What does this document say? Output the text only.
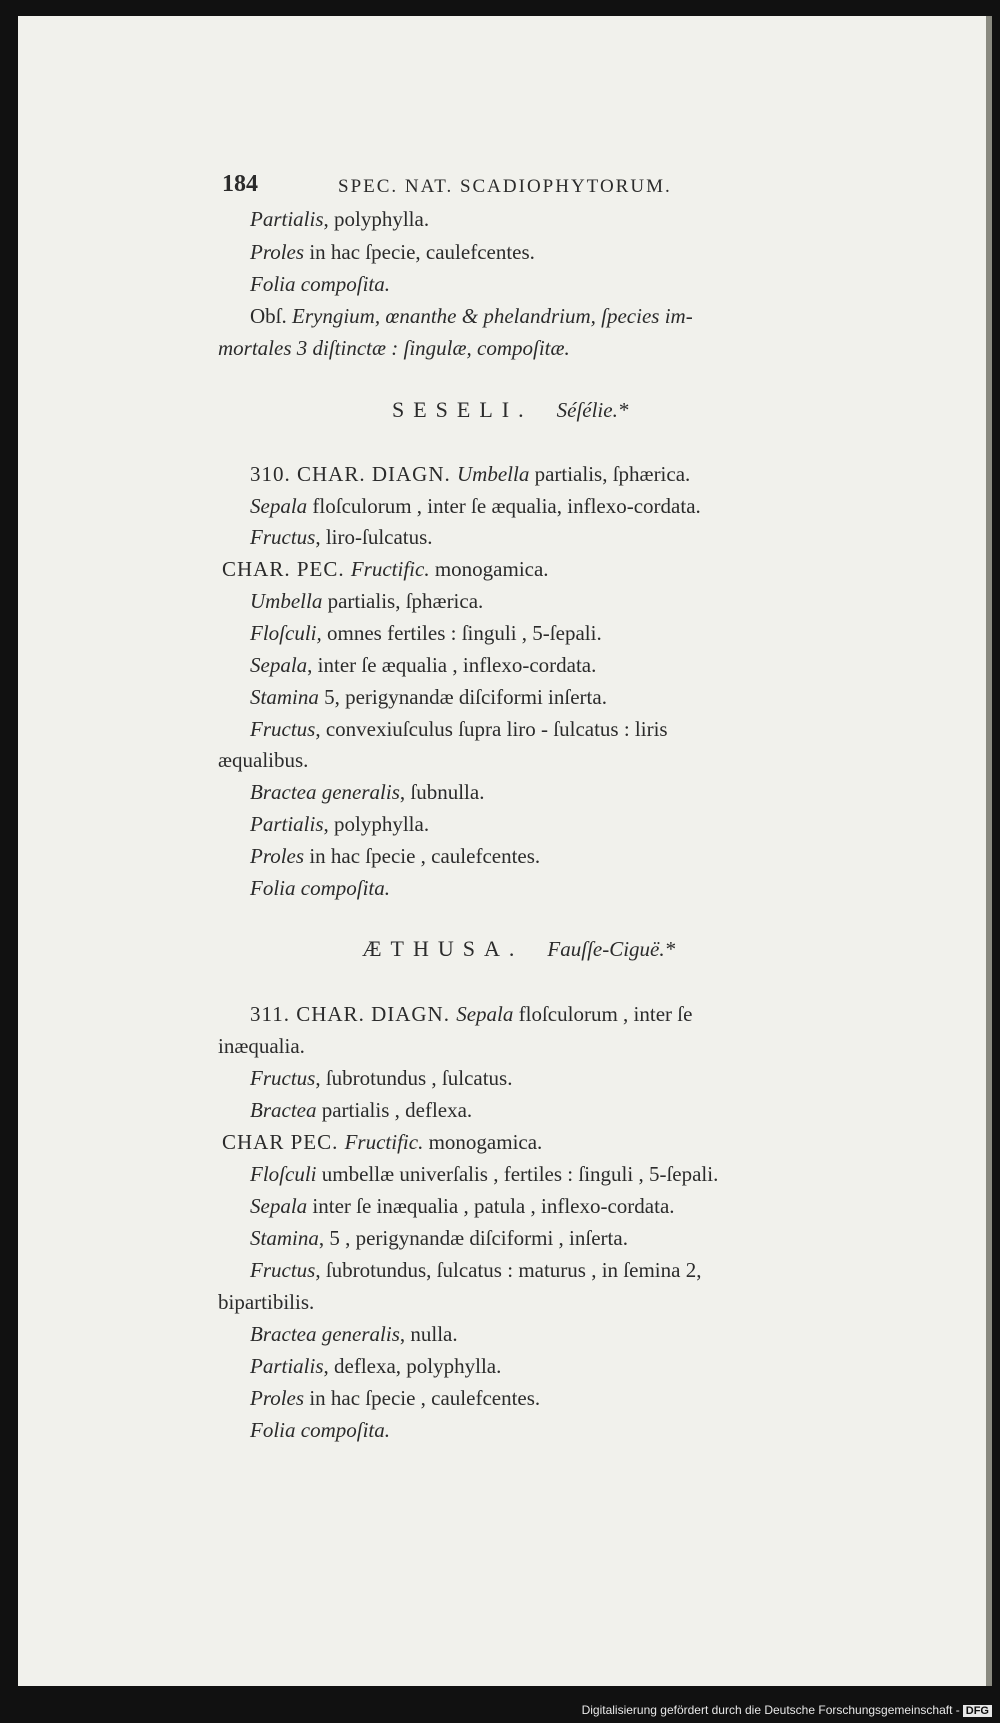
184	SPEC. NAT. SCADIOPHYTORUM.
Partialis, polyphylla.
Proles in hac ſpecie, caulefcentes.
Folia compoſita.
Obſ. Eryngium, œnanthe & phelandrium, ſpecies im-
mortales 3 diſtinctæ : ſingulæ, compoſitæ.
SESELI. Séſélie.*
310. CHAR. DIAGN. Umbella partialis, ſphærica.
Sepala floſculorum , inter ſe æqualia, inflexo-cordata.
Fructus, liro-ſulcatus.
CHAR. PEC. Fructific. monogamica.
Umbella partialis, ſphærica.
Floſculi, omnes fertiles : ſinguli , 5-ſepali.
Sepala, inter ſe æqualia , inflexo-cordata.
Stamina 5, perigynandæ diſciformi inſerta.
Fructus, convexiuſculus ſupra liro - ſulcatus : liris
æqualibus.
Bractea generalis, ſubnulla.
Partialis, polyphylla.
Proles in hac ſpecie , caulefcentes.
Folia compoſita.
ÆTHUSA. Fauſſe-Ciguë.*
311. CHAR. DIAGN. Sepala floſculorum , inter ſe
inæqualia.
Fructus, ſubrotundus , ſulcatus.
Bractea partialis , deflexa.
CHAR PEC. Fructific. monogamica.
Floſculi umbellæ univerſalis , fertiles : ſinguli , 5-ſepali.
Sepala inter ſe inæqualia , patula , inflexo-cordata.
Stamina, 5 , perigynandæ diſciformi , inſerta.
Fructus, ſubrotundus, ſulcatus : maturus , in ſemina 2,
bipartibilis.
Bractea generalis, nulla.
Partialis, deflexa, polyphylla.
Proles in hac ſpecie , caulefcentes.
Folia compoſita.
Digitalisierung gefördert durch die Deutsche Forschungsgemeinschaft - DFG
